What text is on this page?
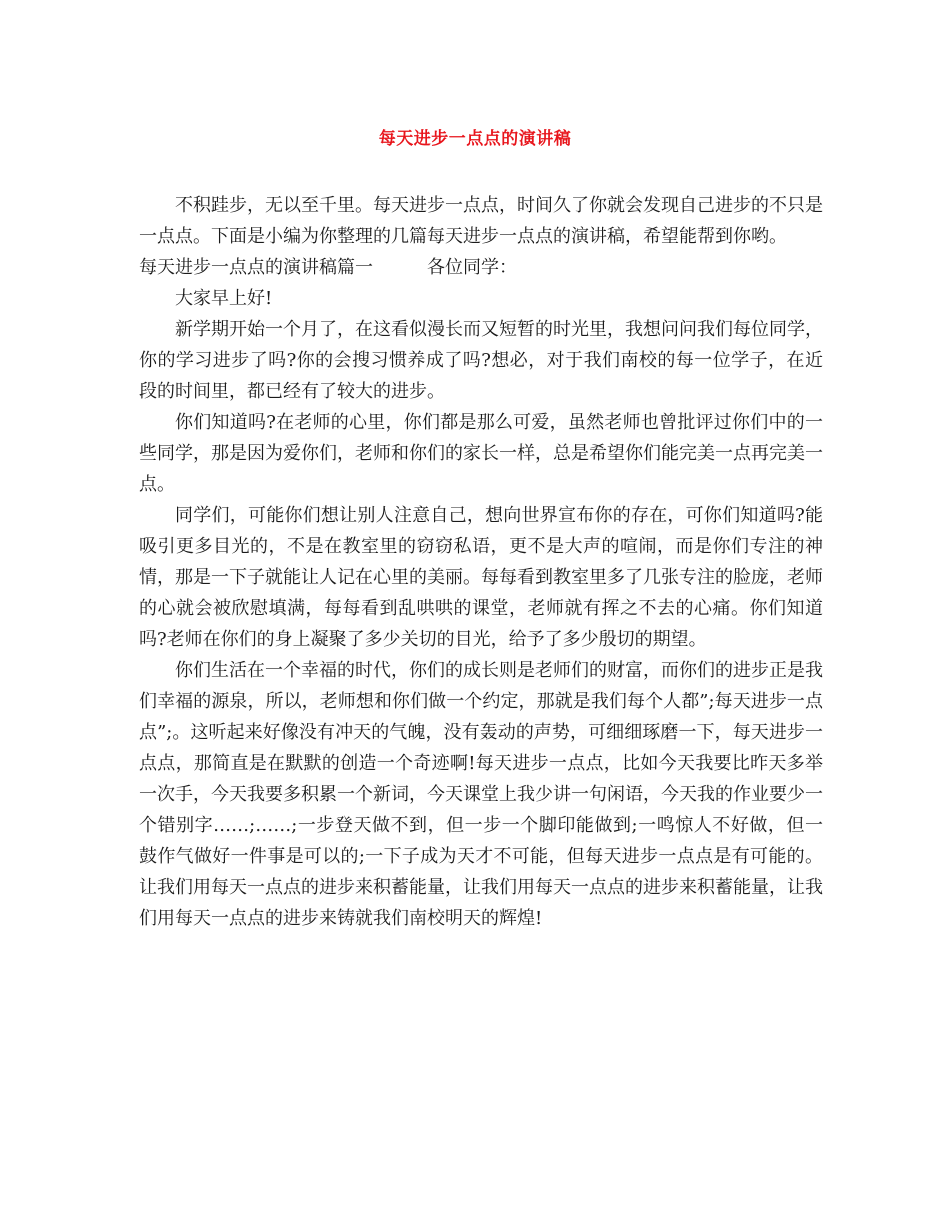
每天进步一点点的演讲稿

不积跬步，无以至千里。每天进步一点点，时间久了你就会发现自己进步的不只是一点点。下面是小编为你整理的几篇每天进步一点点的演讲稿，希望能帮到你哟。

每天进步一点点的演讲稿篇一	各位同学：

大家早上好!

新学期开始一个月了，在这看似漫长而又短暂的时光里，我想问问我们每位同学，你的学习进步了吗?你的会搜习惯养成了吗?想必，对于我们南校的每一位学子，在近段的时间里，都已经有了较大的进步。

你们知道吗?在老师的心里，你们都是那么可爱，虽然老师也曾批评过你们中的一些同学，那是因为爱你们，老师和你们的家长一样，总是希望你们能完美一点再完美一点。

同学们，可能你们想让别人注意自己，想向世界宣布你的存在，可你们知道吗?能吸引更多目光的，不是在教室里的窃窃私语，更不是大声的喧闹，而是你们专注的神情，那是一下子就能让人记在心里的美丽。每每看到教室里多了几张专注的脸庞，老师的心就会被欣慰填满，每每看到乱哄哄的课堂，老师就有挥之不去的心痛。你们知道吗?老师在你们的身上凝聚了多少关切的目光，给予了多少殷切的期望。

你们生活在一个幸福的时代，你们的成长则是老师们的财富，而你们的进步正是我们幸福的源泉，所以，老师想和你们做一个约定，那就是我们每个人都”;每天进步一点点”;。这听起来好像没有冲天的气魄，没有轰动的声势，可细细琢磨一下，每天进步一点点，那简直是在默默的创造一个奇迹啊!每天进步一点点，比如今天我要比昨天多举一次手，今天我要多积累一个新词，今天课堂上我少讲一句闲语，今天我的作业要少一个错别字……;……;一步登天做不到，但一步一个脚印能做到;一鸣惊人不好做，但一鼓作气做好一件事是可以的;一下子成为天才不可能，但每天进步一点点是有可能的。让我们用每天一点点的进步来积蓄能量，让我们用每天一点点的进步来积蓄能量，让我们用每天一点点的进步来铸就我们南校明天的辉煌!
